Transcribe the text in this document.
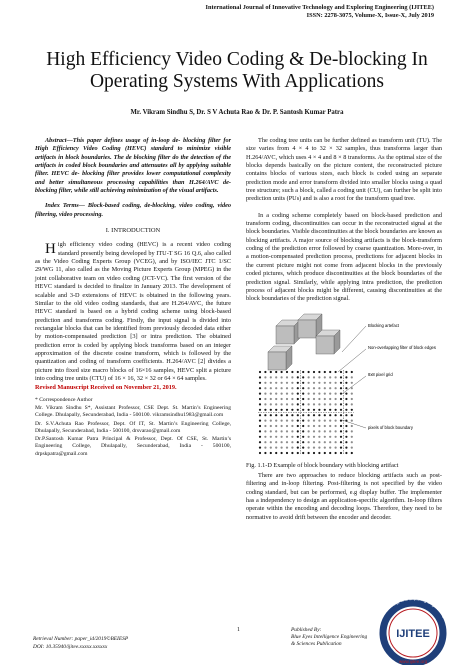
International Journal of Innovative Technology and Exploring Engineering (IJITEE)
ISSN: 2278-3075, Volume-X, Issue-X, July 2019
High Efficiency Video Coding & De-blocking In
Operating Systems With Applications
Mr. Vikram Sindhu S, Dr. S V Achuta Rao & Dr. P. Santosh Kumar Patra

Abstract—This paper defines usage of in-loop de- blocking filter for High Efficiency Video Coding (HEVC) standard to minimize visible artifacts in block boundaries. The de blocking filter do the detection of the artifacts in coded block boundaries and attenuates all by applying suitable filter. HEVC de- blocking filter provides lower computational complexity and better simultaneous processing capabilities than H.264/AVC de- blocking filter, while still achieving minimization of the visual artifacts.

Index Terms— Block-based coding, de-blocking, video coding, video filtering, video processing.

I. INTRODUCTION

High efficiency video coding (HEVC) is a recent video coding standard presently being developed by ITU-T SG 16 Q.6, also called as the Video Coding Experts Group (VCEG), and by ISO/IEC JTC 1/SC 29/WG 11, also called as the Moving Picture Experts Group (MPEG) in the joint collaborative team on video coding (JCT-VC). The first version of the HEVC standard is decided to finalize in January 2013. The development of scalable and 3-D extensions of HEVC is obtained in the following years. Similar to the old video coding standards, that are H.264/AVC, the future HEVC standard is based on a hybrid coding scheme using block-based prediction and transforms coding. Firstly, the input signal is divided into rectangular blocks that can be identified from previously decoded data either by motion-compensated prediction [3] or intra prediction. The obtained prediction error is coded by applying block transforms based on an integer approximation of the discrete cosine transform, which is followed by the quantization and coding of transform coefficients. H.264/AVC [2] divides a picture into fixed size macro blocks of 16×16 samples, HEVC split a picture into coding tree units (CTU) of 16 × 16, 32 × 32 or 64 × 64 samples.

Revised Manuscript Received on November 21, 2019.

* Correspondence Author

Mr. Vikram Sindhu S*, Assistant Professor, CSE Dept. St. Martin’s Engineering College. Dhulapally, Secunderabad, India - 500100. vikramsindhu1983@gmail.com

Dr. S.V.Achuta Rao Professor, Dept. Of IT, St. Martin’s Engineering College, Dhulapally, Secunderabad, India - 500100, drsvarao@gmail.com

Dr.P.Santosh Kumar Patra Principal & Professor, Dept. Of CSE, St. Martin’s Engineering College, Dhulapally, Secunderabad, India - 500100, drpskpatra@gmail.com

The coding tree units can be further defined as transform unit (TU). The size varies from 4 × 4 to 32 × 32 samples, thus transforms larger than H.264/AVC, which uses 4 × 4 and 8 × 8 transforms. As the optimal size of the blocks depends basically on the picture content, the reconstructed picture contains blocks of various sizes, each block is coded using an separate prediction mode and error transform divided into smaller blocks using a quad tree structure; such a block, called a coding unit (CU), can further be split into prediction units (PUs) and is also a root for the transform quad tree.

In a coding scheme completely based on block-based prediction and transform coding, discontinuities can occur in the reconstructed signal at the block boundaries. Visible discontinuities at the block boundaries are known as blocking artifacts. A major source of blocking artifacts is the block-transform coding of the prediction error followed by coarse quantization. More-over, in a motion-compensated prediction process, predictions for adjacent blocks in the current picture might not come from adjacent blocks in the previously coded pictures, which produce discontinuities at the block boundaries of the prediction signal. Similarly, while applying intra prediction, the prediction process of adjacent blocks might be different, causing discontinuities at the block boundaries of the prediction signal.

Blocking artefact
Non-overlapping filter of block edges
8x8 pixel grid
pixels of block boundary
Fig. 1.1-D Example of block boundary with blocking artifact

There are two approaches to reduce blocking artifacts such as post-filtering and in-loop filtering. Post-filtering is not specified by the video coding standard, but can be performed, e.g display buffer. The implementer has a independency to design an application-specific algorithm. In-loop filters operate within the encoding and decoding loops. Therefore, they need to be normative to avoid drift between the encoder and decoder.

Retrieval Number: paper_id/2019©BEIESP
DOI: 10.35940/ijitee.xxxxx.xxxxxx
1	Published By:
Blue Eyes Intelligence Engineering
& Sciences Publication
Innovative Technology and Exploring Engineering
IJITEE
www.ijitee.org
